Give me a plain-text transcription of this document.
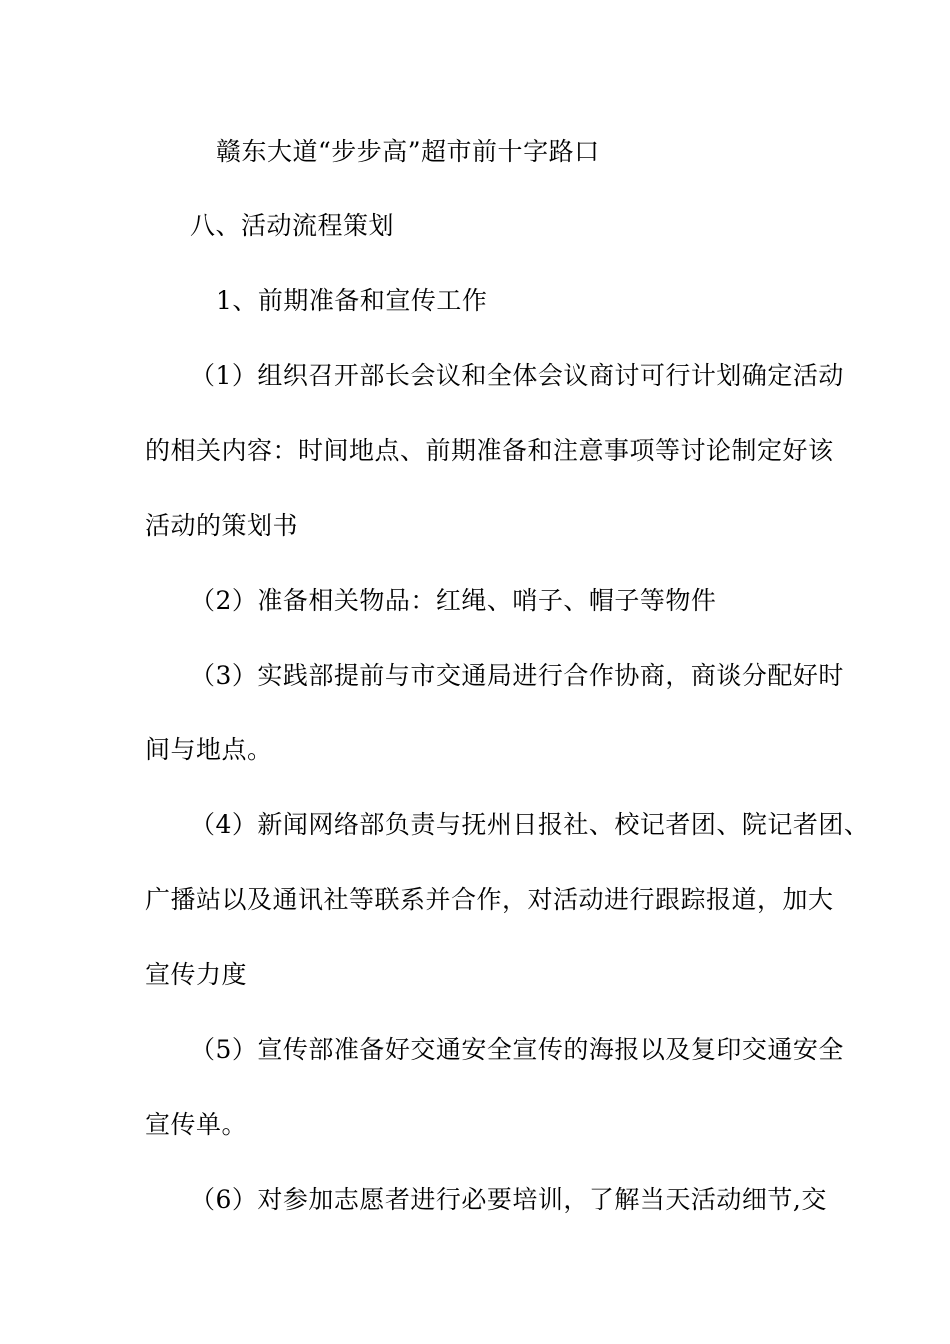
赣东大道“步步高”超市前十字路口
八、活动流程策划
1、前期准备和宣传工作
（1）组织召开部长会议和全体会议商讨可行计划确定活动
的相关内容：时间地点、前期准备和注意事项等讨论制定好该
活动的策划书
（2）准备相关物品：红绳、哨子、帽子等物件
（3）实践部提前与市交通局进行合作协商，商谈分配好时
间与地点。
（4）新闻网络部负责与抚州日报社、校记者团、院记者团、
广播站以及通讯社等联系并合作，对活动进行跟踪报道，加大
宣传力度
（5）宣传部准备好交通安全宣传的海报以及复印交通安全
宣传单。
（6）对参加志愿者进行必要培训，了解当天活动细节,交
